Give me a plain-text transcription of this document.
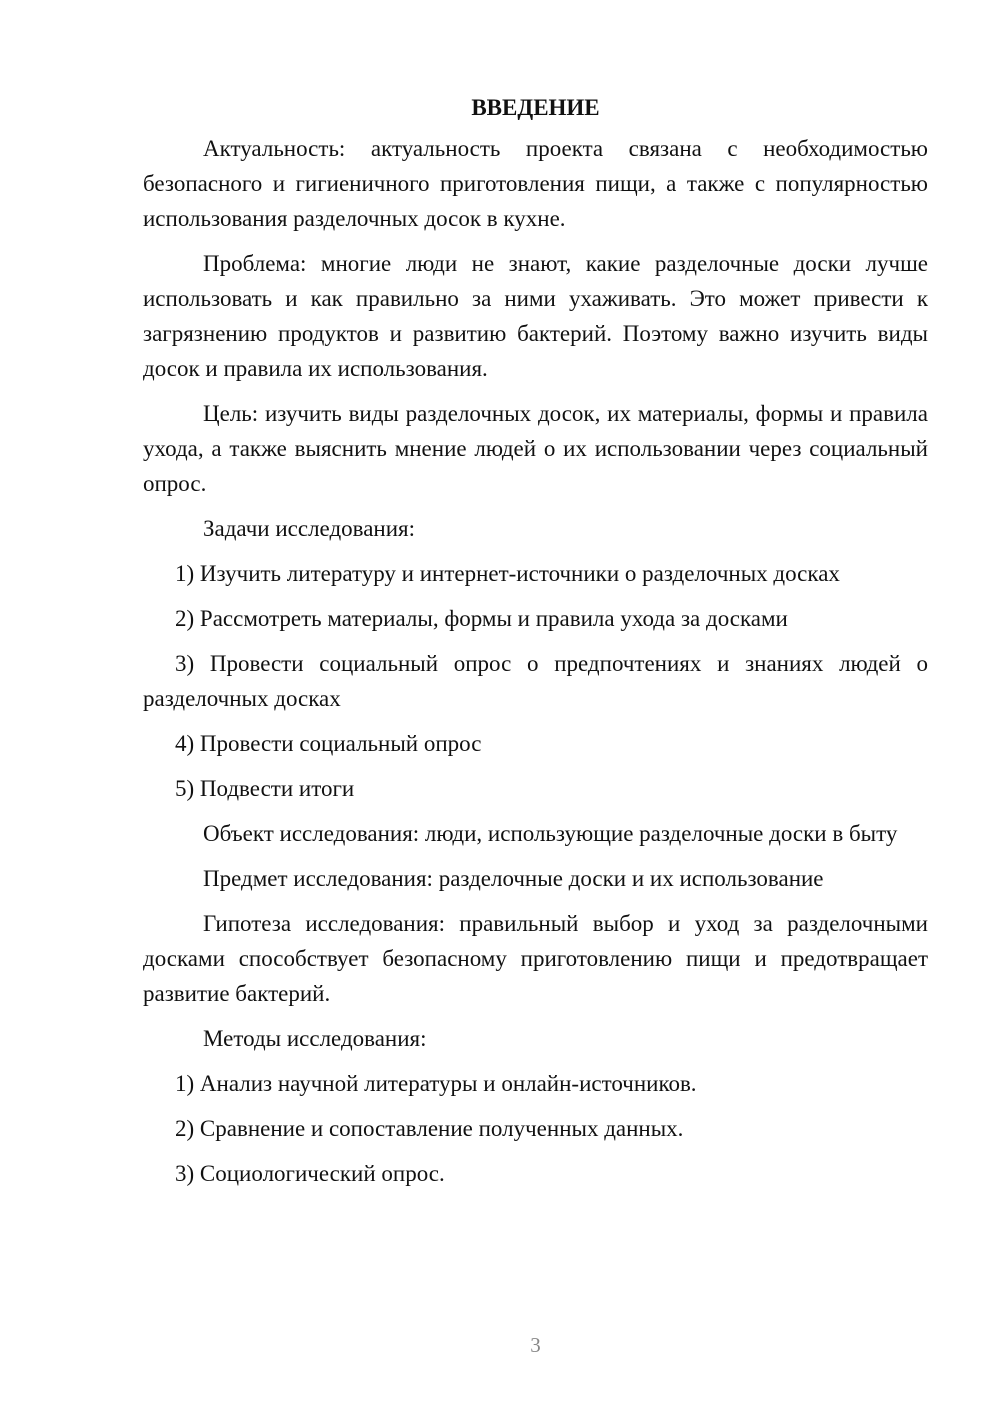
ВВЕДЕНИЕ

Актуальность: актуальность проекта связана с необходимостью безопасного и гигиеничного приготовления пищи, а также с популярностью использования разделочных досок в кухне.

Проблема: многие люди не знают, какие разделочные доски лучше использовать и как правильно за ними ухаживать. Это может привести к загрязнению продуктов и развитию бактерий. Поэтому важно изучить виды досок и правила их использования.

Цель: изучить виды разделочных досок, их материалы, формы и правила ухода, а также выяснить мнение людей о их использовании через социальный опрос.

Задачи исследования:

1) Изучить литературу и интернет-источники о разделочных досках

2) Рассмотреть материалы, формы и правила ухода за досками

3) Провести социальный опрос о предпочтениях и знаниях людей о разделочных досках

4) Провести социальный опрос

5) Подвести итоги

Объект исследования: люди, использующие разделочные доски в быту

Предмет исследования: разделочные доски и их использование

Гипотеза исследования: правильный выбор и уход за разделочными досками способствует безопасному приготовлению пищи и предотвращает развитие бактерий.

Методы исследования:

1) Анализ научной литературы и онлайн-источников.

2) Сравнение и сопоставление полученных данных.

3) Социологический опрос.

3
